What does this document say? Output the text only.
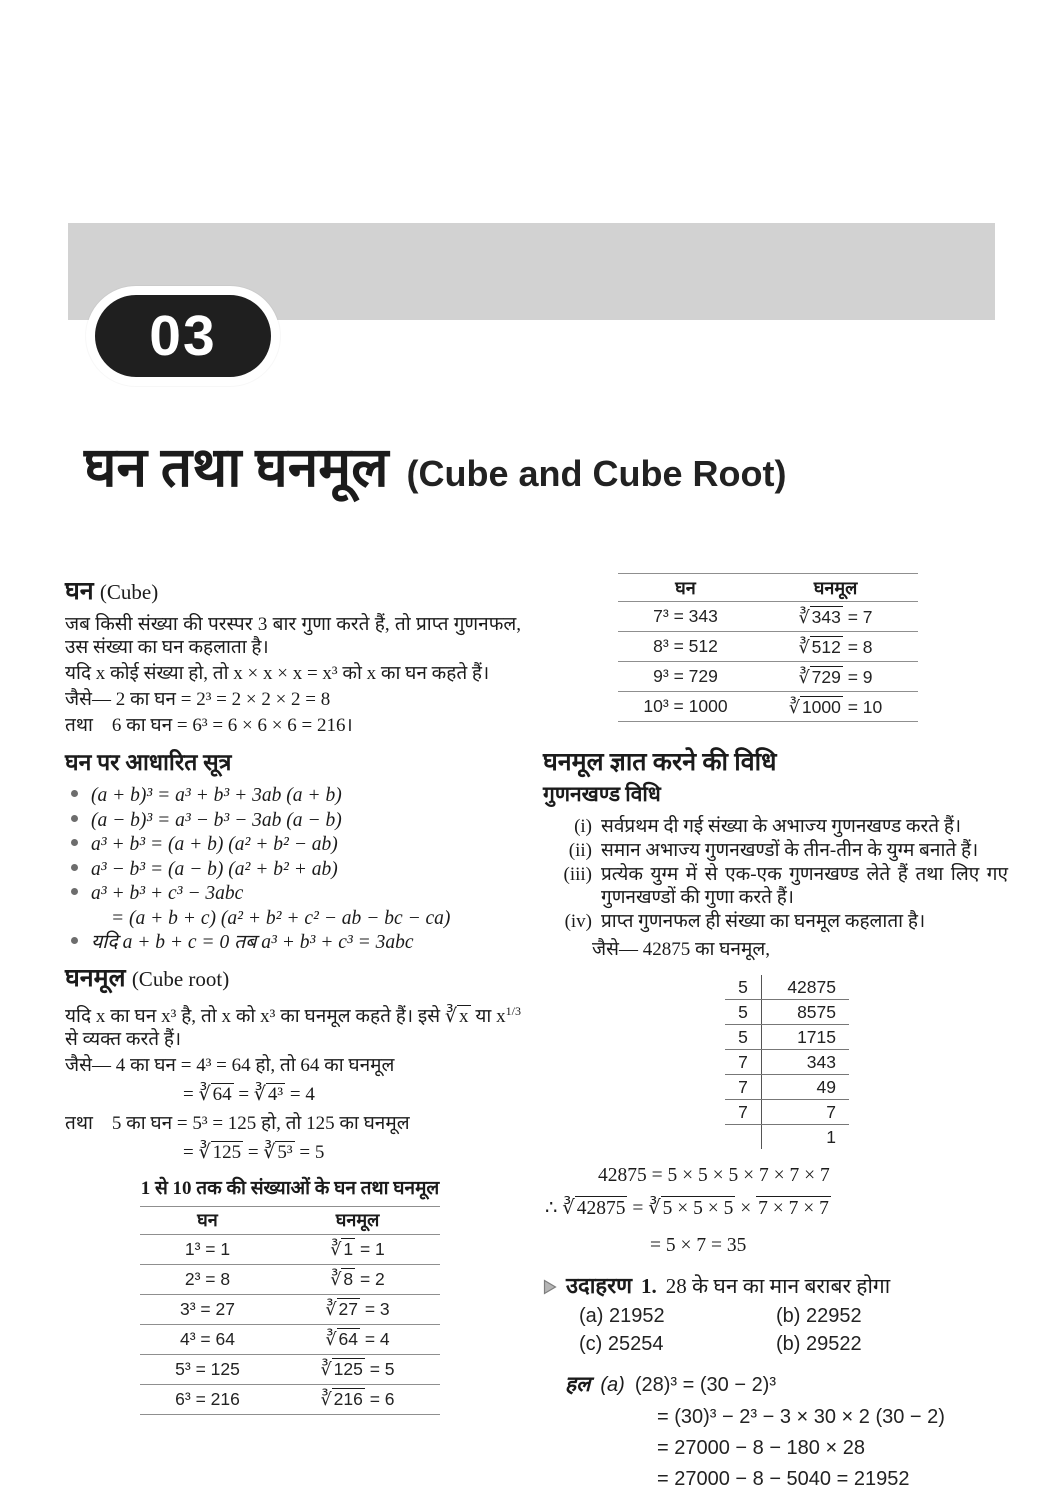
03
घन तथा घनमूल (Cube and Cube Root)
घन (Cube)

जब किसी संख्या की परस्पर 3 बार गुणा करते हैं, तो प्राप्त गुणनफल, उस संख्या का घन कहलाता है।

यदि x कोई संख्या हो, तो x × x × x = x³ को x का घन कहते हैं।

जैसे— 2 का घन = 2³ = 2 × 2 × 2 = 8

तथा    6 का घन = 6³ = 6 × 6 × 6 = 216।

घन पर आधारित सूत्र
(a + b)³ = a³ + b³ + 3ab (a + b)
(a − b)³ = a³ − b³ − 3ab (a − b)
a³ + b³ = (a + b) (a² + b² − ab)
a³ − b³ = (a − b) (a² + b² + ab)
a³ + b³ + c³ − 3abc
= (a + b + c) (a² + b² + c² − ab − bc − ca)
यदि a + b + c = 0 तब a³ + b³ + c³ = 3abc
घनमूल (Cube root)

यदि x का घन x³ है, तो x को x³ का घनमूल कहते हैं। इसे ∛ x या $x^{1/3}$ से व्यक्त करते हैं।

जैसे— 4 का घन = 4³ = 64 हो, तो 64 का घनमूल

= ∛ 64 = ∛ 4³ = 4

तथा    5 का घन = 5³ = 125 हो, तो 125 का घनमूल

= ∛ 125 = ∛ 5³ = 5

1 से 10 तक की संख्याओं के घन तथा घनमूल
घन	घनमूल
1³ = 1	∛ 1 = 1
2³ = 8	∛ 8 = 2
3³ = 27	∛ 27 = 3
4³ = 64	∛ 64 = 4
5³ = 125	∛ 125 = 5
6³ = 216	∛ 216 = 6
घन	घनमूल
7³ = 343	∛ 343 = 7
8³ = 512	∛ 512 = 8
9³ = 729	∛ 729 = 9
10³ = 1000	∛ 1000 = 10
घनमूल ज्ञात करने की विधि
गुणनखण्ड विधि
(i) सर्वप्रथम दी गई संख्या के अभाज्य गुणनखण्ड करते हैं।
(ii) समान अभाज्य गुणनखण्डों के तीन-तीन के युग्म बनाते हैं।
(iii) प्रत्येक युग्म में से एक-एक गुणनखण्ड लेते हैं तथा लिए गए गुणनखण्डों की गुणा करते हैं।
(iv) प्राप्त गुणनफल ही संख्या का घनमूल कहलाता है।

जैसे— 42875 का घनमूल,

5	42875
5	8575
5	1715
7	343
7	49
7	7
	1
42875 = 5 × 5 × 5 × 7 × 7 × 7
∴ ∛ 42875 = ∛ 5 × 5 × 5 × 7 × 7 × 7
= 5 × 7 = 35
उदाहरण 1. 28 के घन का मान बराबर होगा
(a) 21952	(b) 22952
(c) 25254	(b) 29522
हल (a) (28)³ = (30 − 2)³
= (30)³ − 2³ − 3 × 30 × 2 (30 − 2)
= 27000 − 8 − 180 × 28
= 27000 − 8 − 5040 = 21952
